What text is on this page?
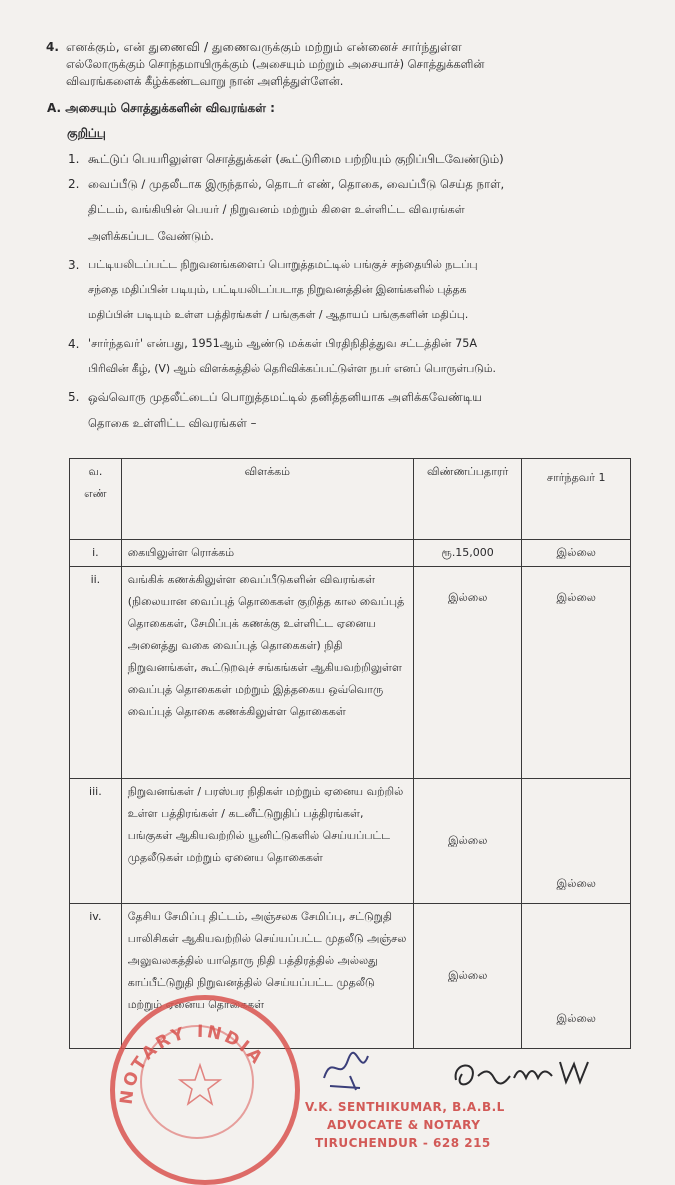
4. எனக்கும், என் துணைவி / துணைவருக்கும் மற்றும் என்னைச் சார்ந்துள்ள
எல்லோருக்கும் சொந்தமாயிருக்கும் (அசையும் மற்றும் அசையாச்) சொத்துக்களின்
விவரங்களைக் கீழ்க்கண்டவாறு நான் அளித்துள்ளேன்.
A. அசையும் சொத்துக்களின் விவரங்கள் :
குறிப்பு
1. கூட்டுப் பெயரிலுள்ள சொத்துக்கள் (கூட்டுரிமை பற்றியும் குறிப்பிடவேண்டும்)
2. வைப்பீடு / முதலீடாக இருந்தால், தொடர் எண், தொகை, வைப்பீடு செய்த நாள்,
திட்டம், வங்கியின் பெயர் / நிறுவனம் மற்றும் கிளை உள்ளிட்ட விவரங்கள்
அளிக்கப்பட வேண்டும்.
3. பட்டியலிடப்பட்ட நிறுவனங்களைப் பொறுத்தமட்டில் பங்குச் சந்தையில் நடப்பு
சந்தை மதிப்பின் படியும், பட்டியலிடப்படாத நிறுவனத்தின் இனங்களில் புத்தக
மதிப்பின் படியும் உள்ள பத்திரங்கள் / பங்குகள் / ஆதாயப் பங்குகளின் மதிப்பு.
4. 'சார்ந்தவர்' என்பது, 1951ஆம் ஆண்டு மக்கள் பிரதிநிதித்துவ சட்டத்தின் 75A
பிரிவின் கீழ், (V) ஆம் விளக்கத்தில் தெரிவிக்கப்பட்டுள்ள நபர் எனப் பொருள்படும்.
5. ஒவ்வொரு முதலீட்டைப் பொறுத்தமட்டில் தனித்தனியாக அளிக்கவேண்டிய
தொகை உள்ளிட்ட விவரங்கள் –
வ. எண்	விளக்கம்	விண்ணப்பதாரர்	சார்ந்தவர் 1
i.	கையிலுள்ள ரொக்கம்	ரூ.15,000	இல்லை
ii.	வங்கிக் கணக்கிலுள்ள வைப்பீடுகளின் விவரங்கள் (நிலையான வைப்புத் தொகைகள் குறித்த கால வைப்புத் தொகைகள், சேமிப்புக் கணக்கு உள்ளிட்ட ஏனைய அனைத்து வகை வைப்புத் தொகைகள்) நிதி நிறுவனங்கள், கூட்டுறவுச் சங்கங்கள் ஆகியவற்றிலுள்ள வைப்புத் தொகைகள் மற்றும் இத்தகைய ஒவ்வொரு வைப்புத் தொகை கணக்கிலுள்ள தொகைகள்	இல்லை	இல்லை
iii.	நிறுவனங்கள் / பரஸ்பர நிதிகள் மற்றும் ஏனைய வற்றில் உள்ள பத்திரங்கள் / கடனீட்டுறுதிப் பத்திரங்கள், பங்குகள் ஆகியவற்றில் யூனிட்டுகளில் செய்யப்பட்ட முதலீடுகள் மற்றும் ஏனைய தொகைகள்	இல்லை	இல்லை
iv.	தேசிய சேமிப்பு திட்டம், அஞ்சலக சேமிப்பு, சட்டுறுதி பாலிசிகள் ஆகியவற்றில் செய்யப்பட்ட முதலீடு அஞ்சல அலுவலகத்தில் யாதொரு நிதி பத்திரத்தில் அல்லது காப்பீட்டுறுதி நிறுவனத்தில் செய்யப்பட்ட முதலீடு மற்றும் ஏனைய தொகைகள்	இல்லை	இல்லை
NOTARY INDIA
V.K. SENTHIKUMAR, B.A.B.L
ADVOCATE & NOTARY
TIRUCHENDUR - 628 215
